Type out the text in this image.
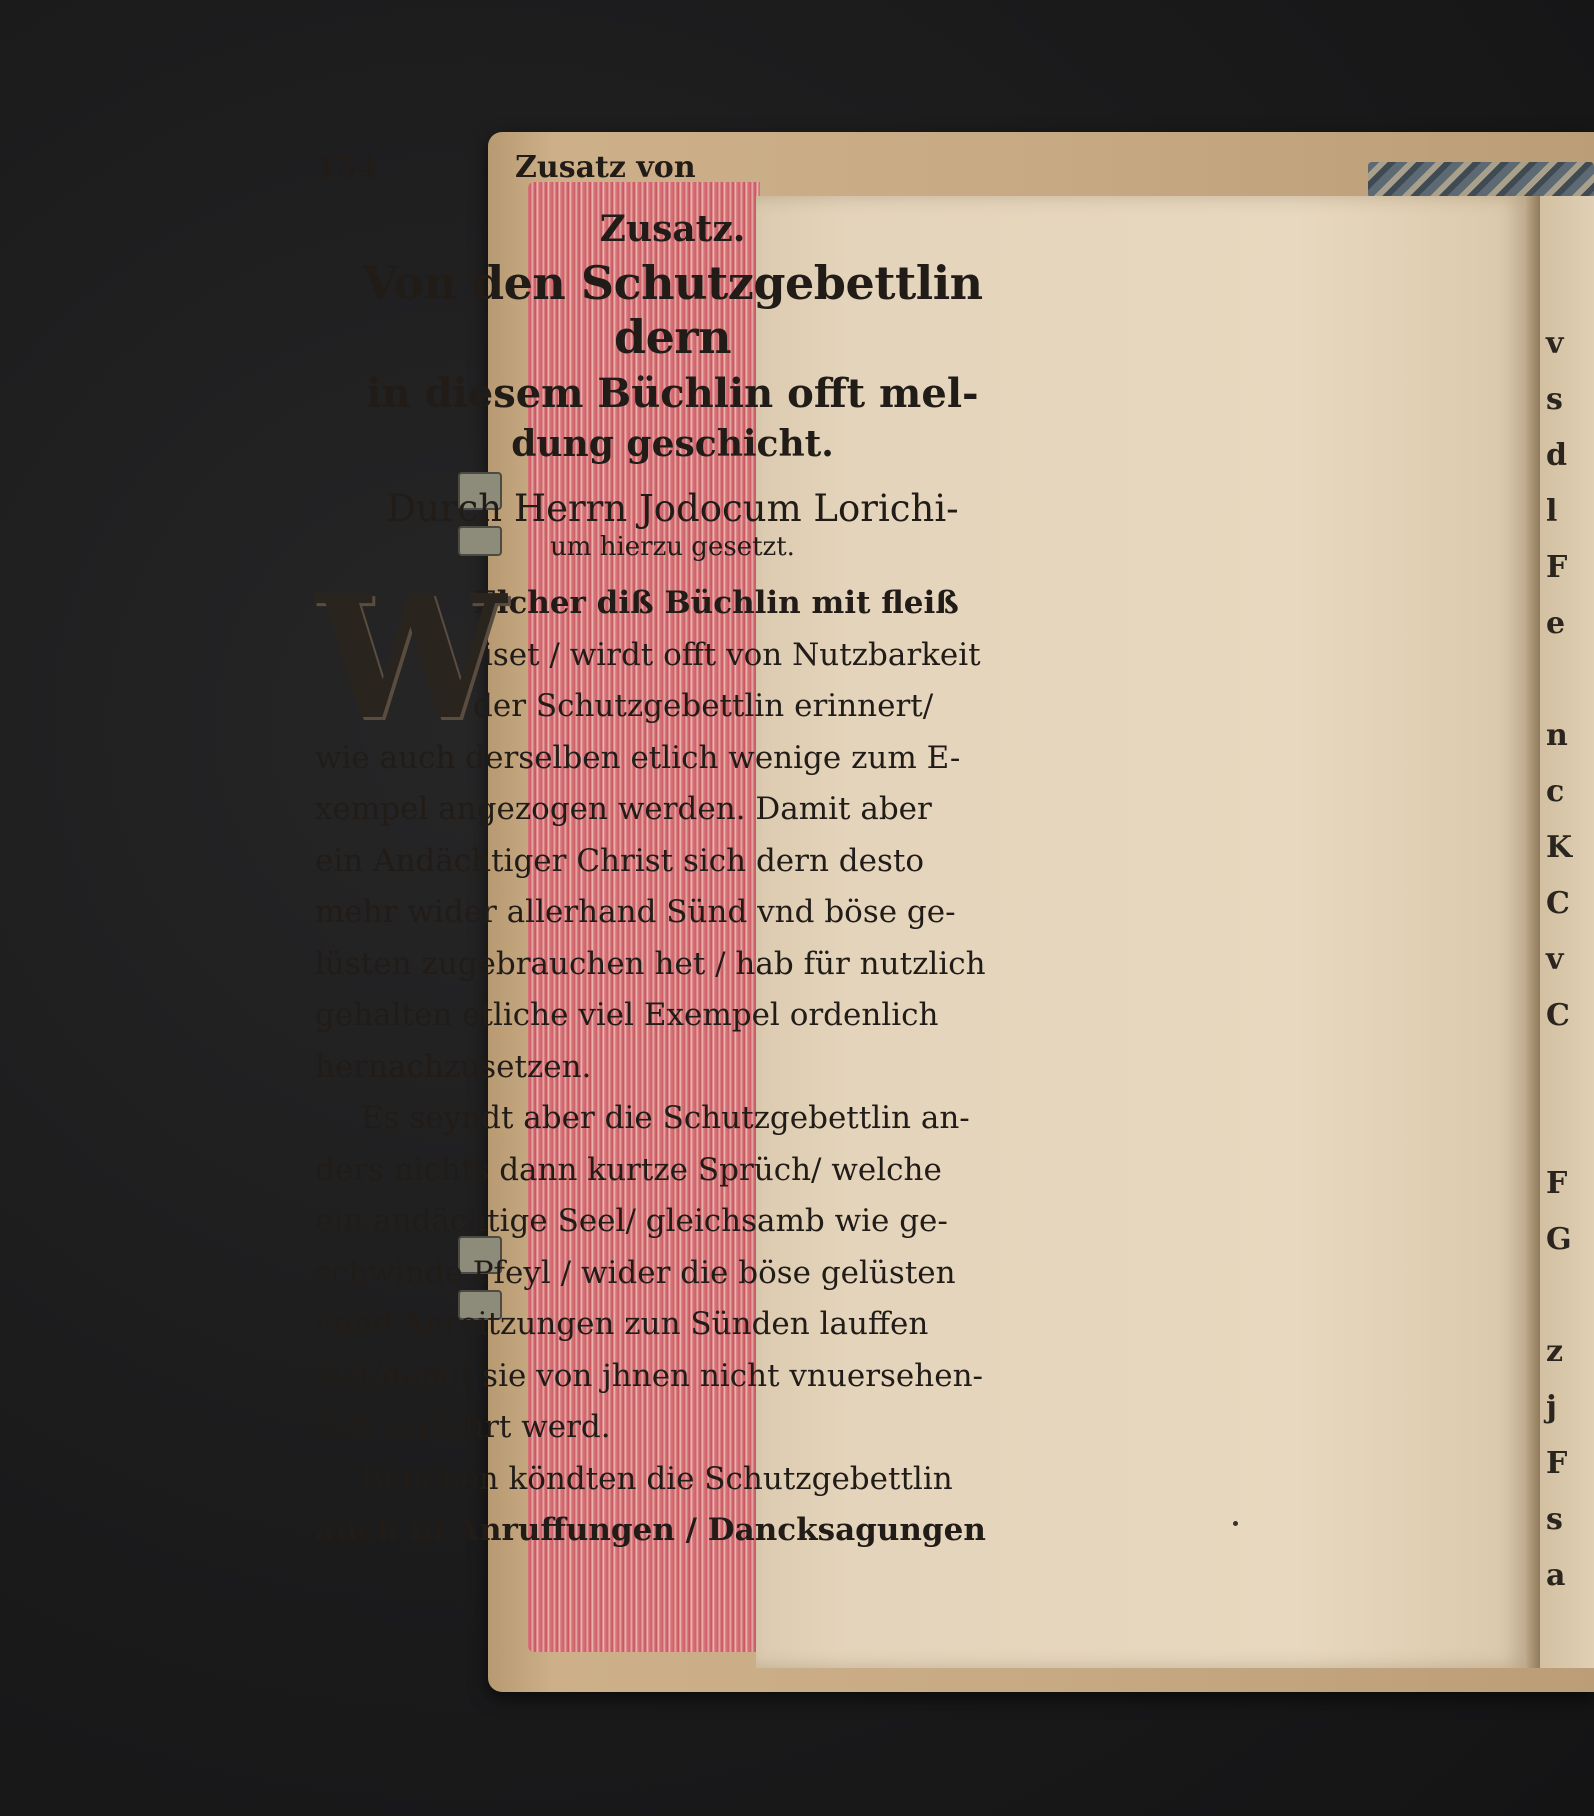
v
s
d
l
F
e
n
c
K
C
v
C
F
G
z
j
F
s
a
154	Zusatz von
Zusatz.
Von den Schutzgebettlin dern
in diesem Büchlin offt mel-
dung geschicht.
Durch Herrn Jodocum Lorichi-
um hierzu gesetzt.
W
Elcher diß Büchlin mit fleiß
liset / wirdt offt von Nutzbarkeit
der Schutzgebettlin erinnert/
wie auch derselben etlich wenige zum E-
xempel angezogen werden. Damit aber
ein Andächtiger Christ sich dern desto
mehr wider allerhand Sünd vnd böse ge-
lüsten zugebrauchen het / hab für nutzlich
gehalten etliche viel Exempel ordenlich
hernachzusetzen.
Es seyndt aber die Schutzgebettlin an-
ders nichts dann kurtze Sprüch/ welche
ein andächtige Seel/ gleichsamb wie ge-
schwinde Pfeyl / wider die böse gelüsten
vnnd Anreitzungen zun Sünden lauffen
last/damit sie von jhnen nicht vnuersehen-
lich verführt werd.
Beneben köndten die Schutzgebettlin
auch in Anruffungen / Dancksagungen
